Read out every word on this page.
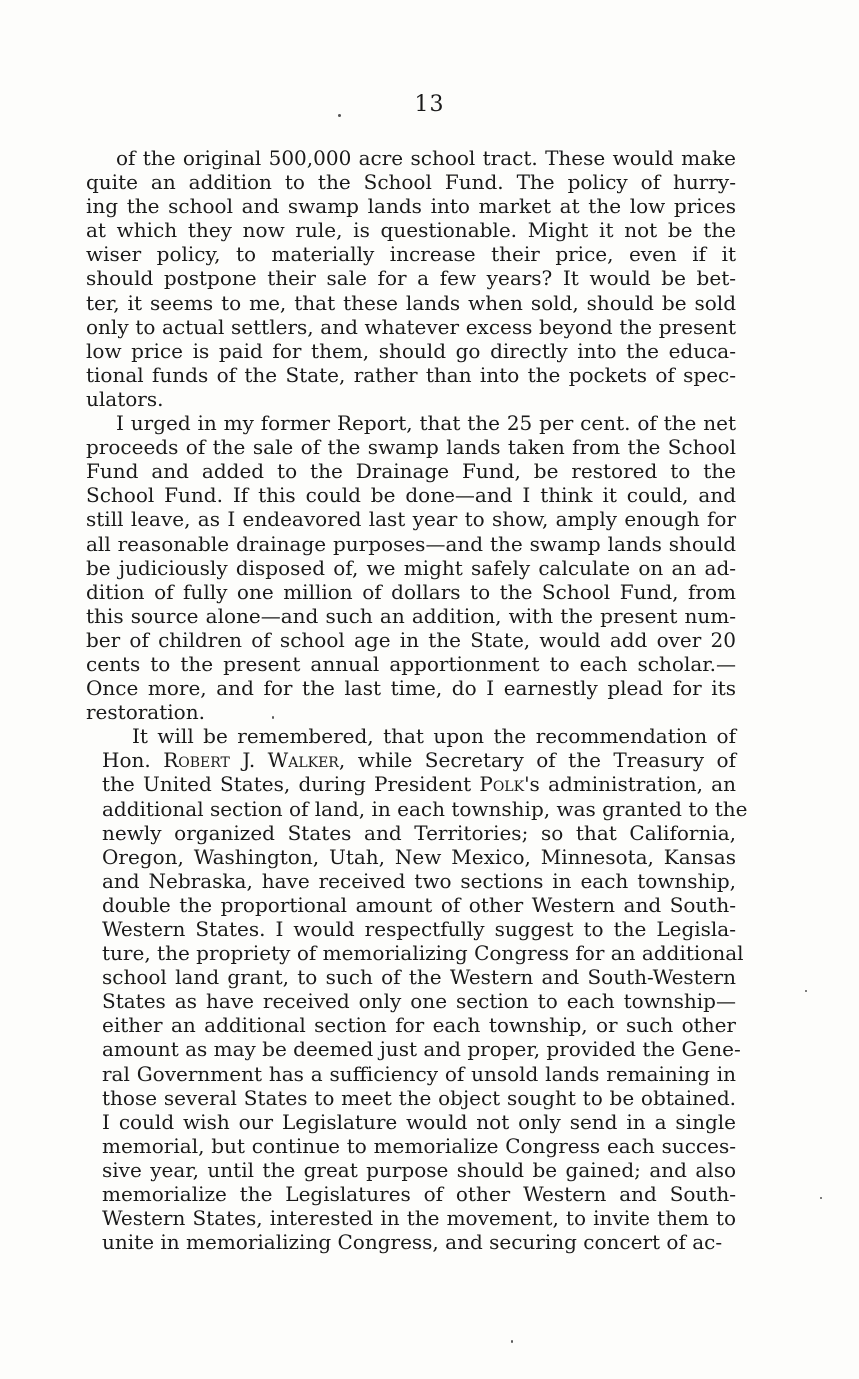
13
of the original 500,000 acre school tract. These would make
quite an addition to the School Fund. The policy of hurry-
ing the school and swamp lands into market at the low prices
at which they now rule, is questionable. Might it not be the
wiser policy, to materially increase their price, even if it
should postpone their sale for a few years? It would be bet-
ter, it seems to me, that these lands when sold, should be sold
only to actual settlers, and whatever excess beyond the present
low price is paid for them, should go directly into the educa-
tional funds of the State, rather than into the pockets of spec-
ulators.
I urged in my former Report, that the 25 per cent. of the net
proceeds of the sale of the swamp lands taken from the School
Fund and added to the Drainage Fund, be restored to the
School Fund. If this could be done—and I think it could, and
still leave, as I endeavored last year to show, amply enough for
all reasonable drainage purposes—and the swamp lands should
be judiciously disposed of, we might safely calculate on an ad-
dition of fully one million of dollars to the School Fund, from
this source alone—and such an addition, with the present num-
ber of children of school age in the State, would add over 20
cents to the present annual apportionment to each scholar.—
Once more, and for the last time, do I earnestly plead for its
restoration.
It will be remembered, that upon the recommendation of
Hon. Robert J. Walker, while Secretary of the Treasury of
the United States, during President Polk's administration, an
additional section of land, in each township, was granted to the
newly organized States and Territories; so that California,
Oregon, Washington, Utah, New Mexico, Minnesota, Kansas
and Nebraska, have received two sections in each township,
double the proportional amount of other Western and South-
Western States. I would respectfully suggest to the Legisla-
ture, the propriety of memorializing Congress for an additional
school land grant, to such of the Western and South-Western
States as have received only one section to each township—
either an additional section for each township, or such other
amount as may be deemed just and proper, provided the Gene-
ral Government has a sufficiency of unsold lands remaining in
those several States to meet the object sought to be obtained.
I could wish our Legislature would not only send in a single
memorial, but continue to memorialize Congress each succes-
sive year, until the great purpose should be gained; and also
memorialize the Legislatures of other Western and South-
Western States, interested in the movement, to invite them to
unite in memorializing Congress, and securing concert of ac-
